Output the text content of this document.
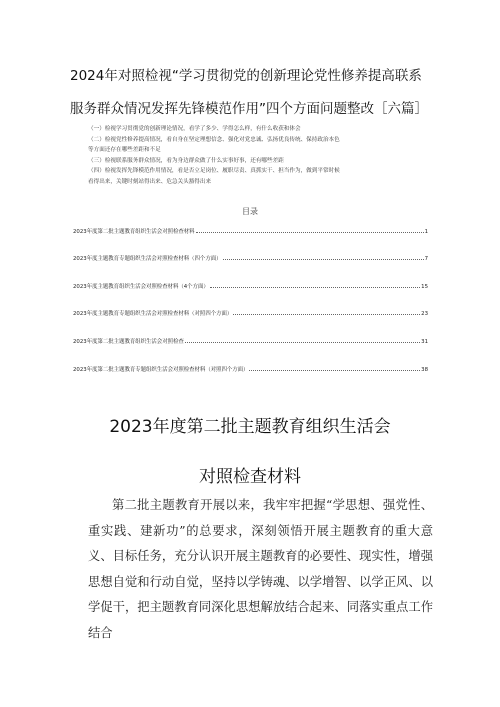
2024年对照检视“学习贯彻党的创新理论党性修养提高联系
服务群众情况发挥先锋模范作用”四个方面问题整改［六篇］

（一）检视学习贯彻党的创新理论情况，看学了多少、学得怎么样，有什么收获和体会

（二）检视党性修养提高情况，看自身在坚定理想信念、强化对党忠诚、弘扬优良传统、保持政治本色

等方面还存在哪些差距和不足

（三）检视联系服务群众情况，看为身边群众做了什么实事好事，还有哪些差距

（四）检视发挥先锋模范作用情况，看是否立足岗位、履职尽责、真抓实干、担当作为，做到平常时候

看得出来，关键时刻站得出来、危急关头豁得出来

目录
2023年度第二批主题教育组织生活会对照检查材料	1
2023年度主题教育专题组织生活会对照检查材料（四个方面）	7
2023年度主题教育组织生活会对照检查材料（4个方面）	15
2023年度主题教育专题组织生活会对照检查材料（对照四个方面）	23
2023年度第二批主题教育组织生活会对照检查	31
2023年度第二批主题教育专题组织生活会对照检查材料（对照四个方面）	38
2023年度第二批主题教育组织生活会
对照检查材料
第二批主题教育开展以来，我牢牢把握“学思想、强党性、重实践、建新功”的总要求，深刻领悟开展主题教育的重大意义、目标任务，充分认识开展主题教育的必要性、现实性，增强思想自觉和行动自觉，坚持以学铸魂、以学增智、以学正风、以学促干，把主题教育同深化思想解放结合起来、同落实重点工作结合
